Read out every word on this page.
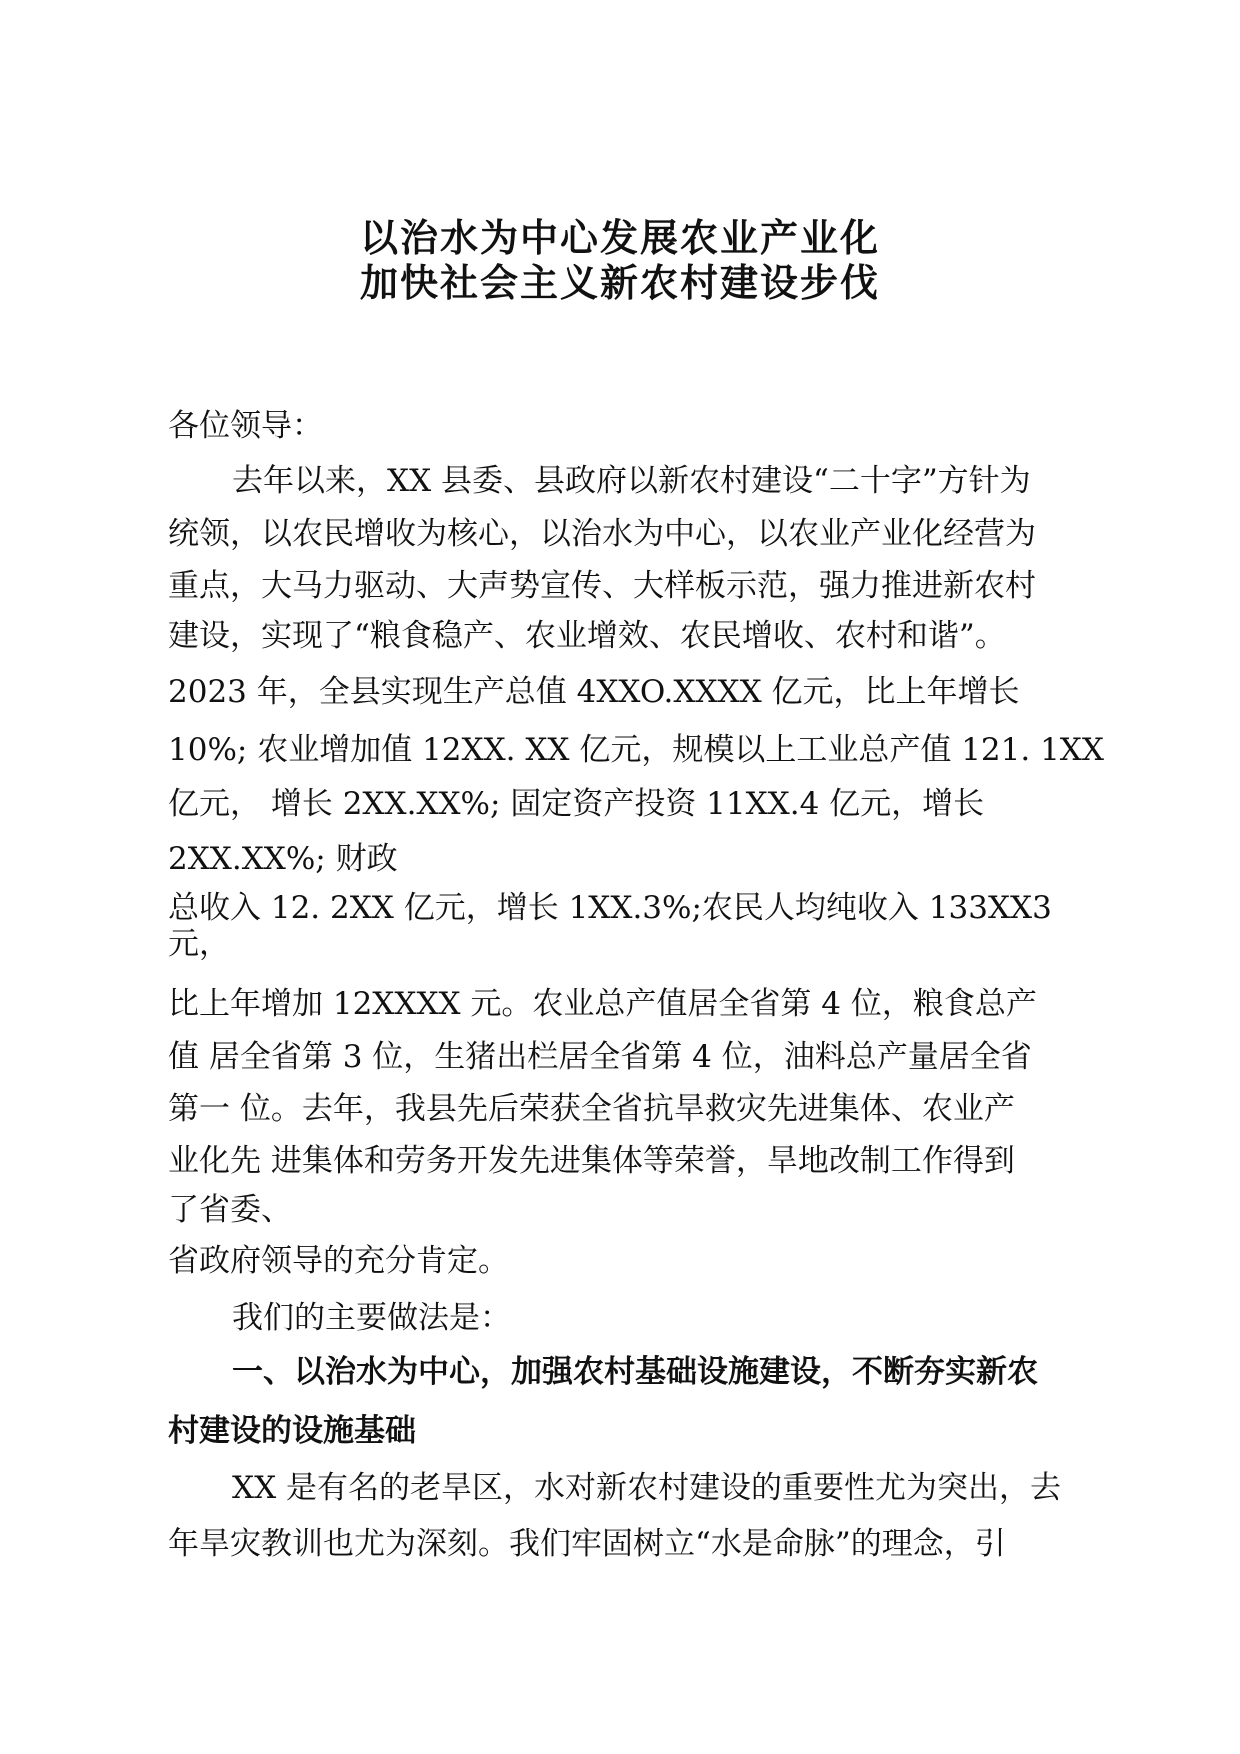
以治水为中心发展农业产业化
加快社会主义新农村建设步伐
各位领导：
去年以来，XX 县委、县政府以新农村建设“二十字”方针为
统领，以农民增收为核心，以治水为中心，以农业产业化经营为
重点，大马力驱动、大声势宣传、大样板示范，强力推进新农村
建设，实现了“粮食稳产、农业增效、农民增收、农村和谐”。
2023 年，全县实现生产总值 4XXO.XXXX 亿元，比上年增长
10%; 农业增加值 12XX. XX 亿元，规模以上工业总产值 121. 1XX
亿元， 增长 2XX.XX%; 固定资产投资 11XX.4 亿元，增长
2XX.XX%; 财政
总收入 12. 2XX 亿元，增长 1XX.3%;农民人均纯收入 133XX3
元，
比上年增加 12XXXX 元。农业总产值居全省第 4 位，粮食总产
值 居全省第 3 位，生猪出栏居全省第 4 位，油料总产量居全省
第一 位。去年，我县先后荣获全省抗旱救灾先进集体、农业产
业化先 进集体和劳务开发先进集体等荣誉，旱地改制工作得到
了省委、
省政府领导的充分肯定。
我们的主要做法是：
一、以治水为中心，加强农村基础设施建设，不断夯实新农
村建设的设施基础
XX 是有名的老旱区，水对新农村建设的重要性尤为突出，去
年旱灾教训也尤为深刻。我们牢固树立“水是命脉”的理念，引
